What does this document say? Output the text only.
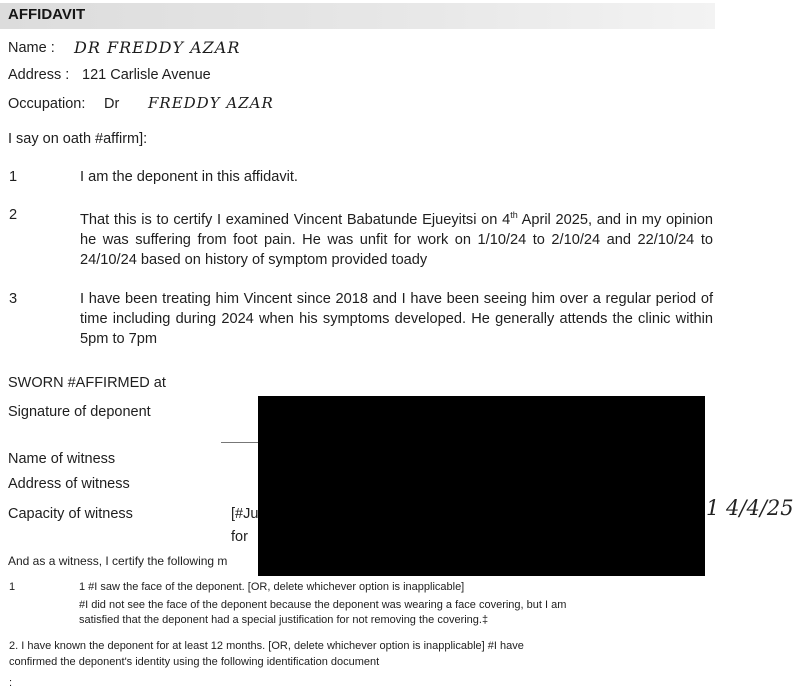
AFFIDAVIT
Name : DR FREDDY AZAR
Address : 121 Carlisle Avenue
Occupation: Dr FREDDY AZAR
I say on oath #affirm]:
1	I am the deponent in this affidavit.
2	That this is to certify I examined Vincent Babatunde Ejueyitsi on 4th April 2025, and in my opinion he was suffering from foot pain. He was unfit for work on 1/10/24 to 2/10/24 and 22/10/24 to 24/10/24 based on history of symptom provided toady
3	I have been treating him Vincent since 2018 and I have been seeing him over a regular period of time including during 2024 when his symptoms developed. He generally attends the clinic within 5pm to 7pm
SWORN #AFFIRMED at
Signature of deponent
Name of witness
Address of witness
Capacity of witness	[#Ju
for
1 4/4/25
And as a witness, I certify the following m
1	1 #I saw the face of the deponent. [OR, delete whichever option is inapplicable]
#I did not see the face of the deponent because the deponent was wearing a face covering, but I am
satisfied that the deponent had a special justification for not removing the covering.‡
2. I have known the deponent for at least 12 months. [OR, delete whichever option is inapplicable] #I have
confirmed the deponent's identity using the following identification document
:
